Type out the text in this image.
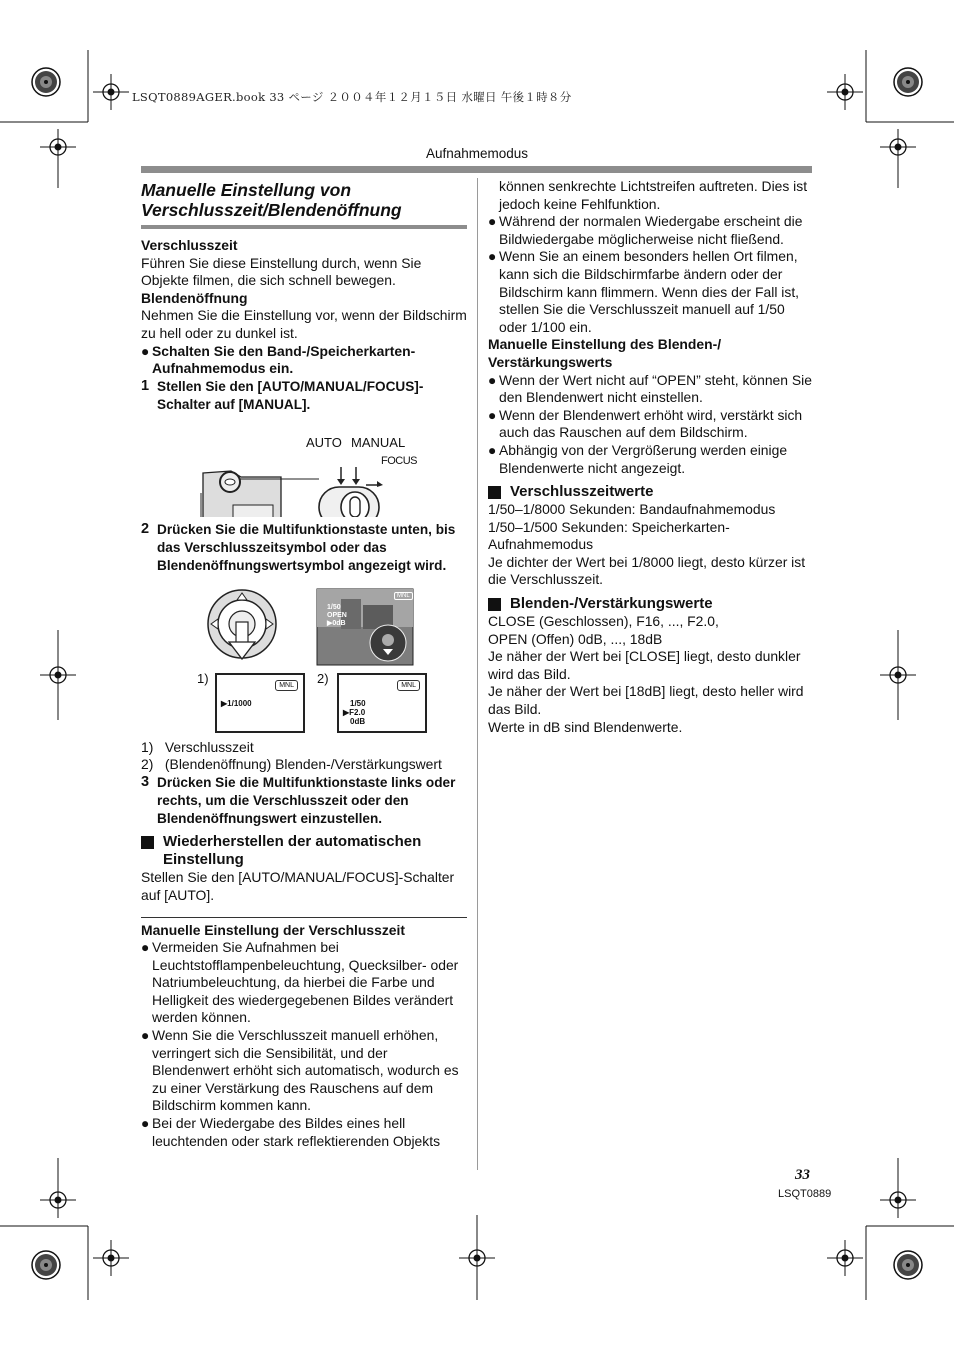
LSQT0889AGER.book 33 ページ ２００４年１２月１５日 水曜日 午後１時８分
Aufnahmemodus
Manuelle Einstellung von Verschlusszeit/Blendenöffnung

Verschlusszeit

Führen Sie diese Einstellung durch, wenn Sie Objekte filmen, die sich schnell bewegen.

Blendenöffnung

Nehmen Sie die Einstellung vor, wenn der Bildschirm zu hell oder zu dunkel ist.

● Schalten Sie den Band-/Speicherkarten-Aufnahmemodus ein.

1 Stellen Sie den [AUTO/MANUAL/FOCUS]-Schalter auf [MANUAL].

AUTO MANUAL
FOCUS

2 Drücken Sie die Multifunktionstaste unten, bis das Verschlusszeitsymbol oder das Blendenöffnungswertsymbol angezeigt wird.

1/50
OPEN
▶0dB
MNL
1)	MNL
▶1/1000
2)	MNL
1/50
▶F2.0
0dB

1)   Verschlusszeit

2)   (Blendenöffnung) Blenden-/Verstärkungswert

3 Drücken Sie die Multifunktionstaste links oder rechts, um die Verschlusszeit oder den Blendenöffnungswert einzustellen.

Wiederherstellen der automatischen Einstellung

Stellen Sie den [AUTO/MANUAL/FOCUS]-Schalter auf [AUTO].

Manuelle Einstellung der Verschlusszeit

● Vermeiden Sie Aufnahmen bei Leuchtstofflampenbeleuchtung, Quecksilber- oder Natriumbeleuchtung, da hierbei die Farbe und Helligkeit des wiedergegebenen Bildes verändert werden können.

● Wenn Sie die Verschlusszeit manuell erhöhen, verringert sich die Sensibilität, und der Blendenwert erhöht sich automatisch, wodurch es zu einer Verstärkung des Rauschens auf dem Bildschirm kommen kann.

● Bei der Wiedergabe des Bildes eines hell leuchtenden oder stark reflektierenden Objekts

können senkrechte Lichtstreifen auftreten. Dies ist jedoch keine Fehlfunktion.

● Während der normalen Wiedergabe erscheint die Bildwiedergabe möglicherweise nicht fließend.

● Wenn Sie an einem besonders hellen Ort filmen, kann sich die Bildschirmfarbe ändern oder der Bildschirm kann flimmern. Wenn dies der Fall ist, stellen Sie die Verschlusszeit manuell auf 1/50 oder 1/100 ein.

Manuelle Einstellung des Blenden-/ Verstärkungswerts

● Wenn der Wert nicht auf “OPEN” steht, können Sie den Blendenwert nicht einstellen.

● Wenn der Blendenwert erhöht wird, verstärkt sich auch das Rauschen auf dem Bildschirm.

● Abhängig von der Vergrößerung werden einige Blendenwerte nicht angezeigt.

Verschlusszeitwerte

1/50–1/8000 Sekunden: Bandaufnahmemodus

1/50–1/500 Sekunden: Speicherkarten-Aufnahmemodus

Je dichter der Wert bei 1/8000 liegt, desto kürzer ist die Verschlusszeit.

Blenden-/Verstärkungswerte

CLOSE (Geschlossen), F16, ..., F2.0,

OPEN (Offen) 0dB, ..., 18dB

Je näher der Wert bei [CLOSE] liegt, desto dunkler wird das Bild.

Je näher der Wert bei [18dB] liegt, desto heller wird das Bild.

Werte in dB sind Blendenwerte.

33
LSQT0889
